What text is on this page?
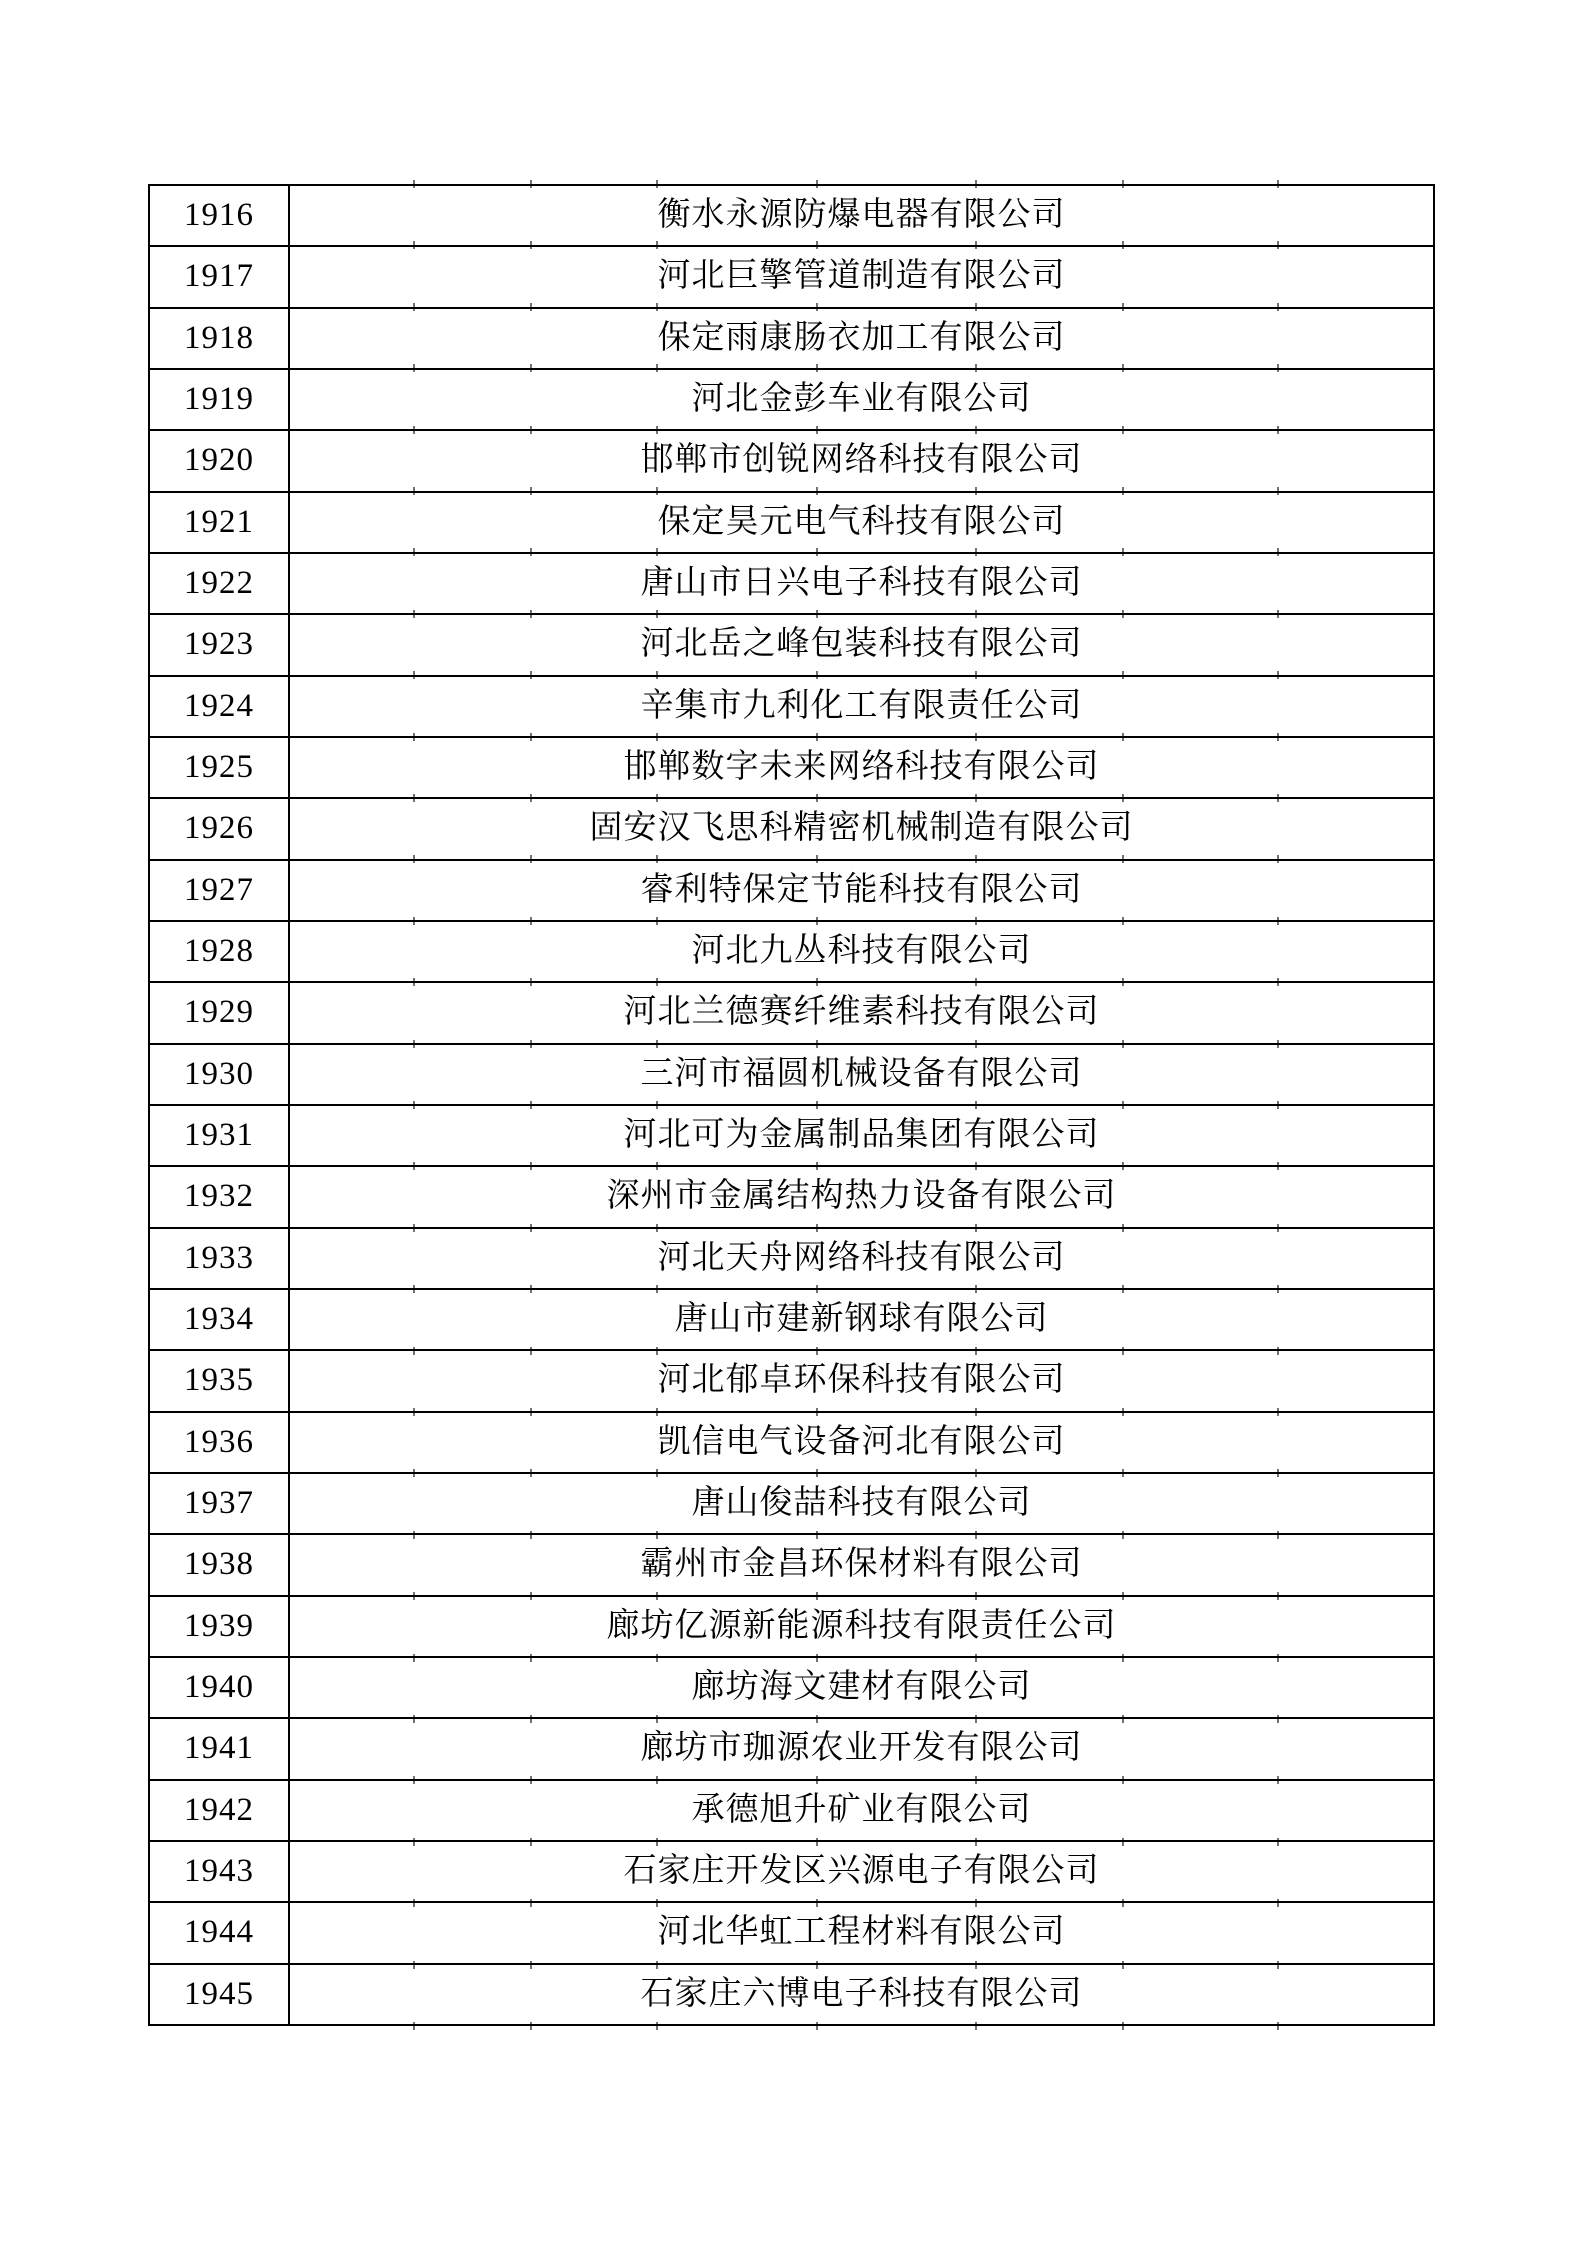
1916	衡水永源防爆电器有限公司
1917	河北巨擎管道制造有限公司
1918	保定雨康肠衣加工有限公司
1919	河北金彭车业有限公司
1920	邯郸市创锐网络科技有限公司
1921	保定昊元电气科技有限公司
1922	唐山市日兴电子科技有限公司
1923	河北岳之峰包装科技有限公司
1924	辛集市九利化工有限责任公司
1925	邯郸数字未来网络科技有限公司
1926	固安汉飞思科精密机械制造有限公司
1927	睿利特保定节能科技有限公司
1928	河北九丛科技有限公司
1929	河北兰德赛纤维素科技有限公司
1930	三河市福圆机械设备有限公司
1931	河北可为金属制品集团有限公司
1932	深州市金属结构热力设备有限公司
1933	河北天舟网络科技有限公司
1934	唐山市建新钢球有限公司
1935	河北郁卓环保科技有限公司
1936	凯信电气设备河北有限公司
1937	唐山俊喆科技有限公司
1938	霸州市金昌环保材料有限公司
1939	廊坊亿源新能源科技有限责任公司
1940	廊坊海文建材有限公司
1941	廊坊市珈源农业开发有限公司
1942	承德旭升矿业有限公司
1943	石家庄开发区兴源电子有限公司
1944	河北华虹工程材料有限公司
1945	石家庄六博电子科技有限公司
